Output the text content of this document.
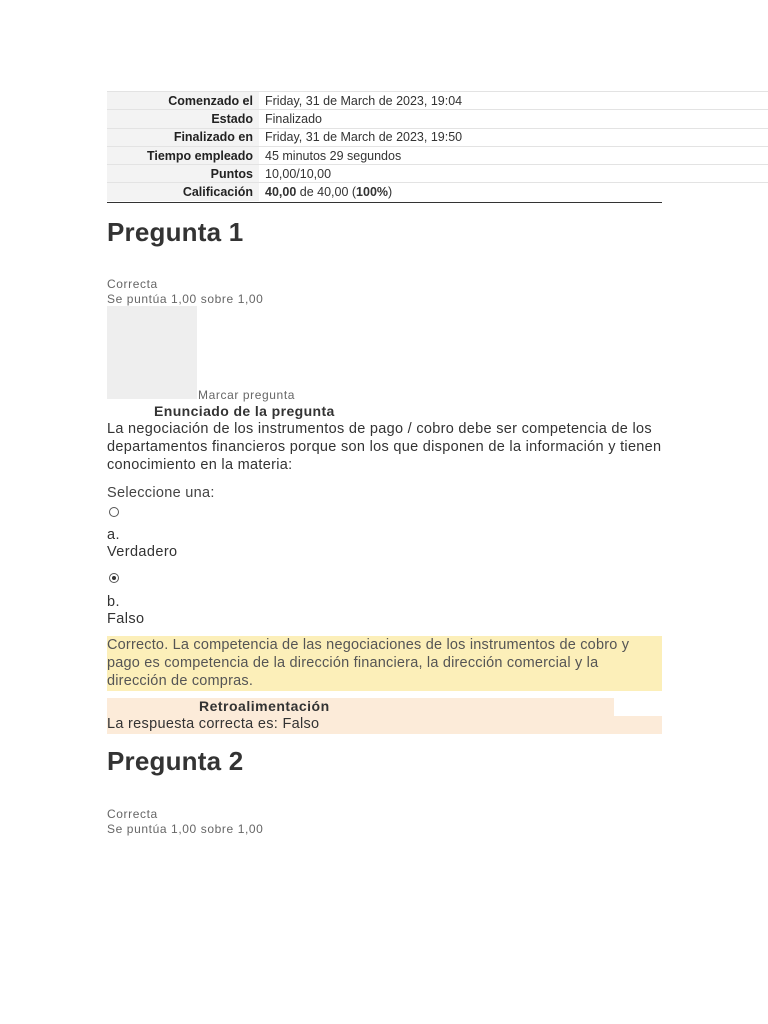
Comenzado el	Friday, 31 de March de 2023, 19:04
Estado	Finalizado
Finalizado en	Friday, 31 de March de 2023, 19:50
Tiempo empleado	45 minutos 29 segundos
Puntos	10,00/10,00
Calificación	40,00 de 40,00 (100%)
Pregunta 1
Correcta
Se puntúa 1,00 sobre 1,00
Marcar pregunta
Enunciado de la pregunta
La negociación de los instrumentos de pago / cobro debe ser competencia de los departamentos financieros porque son los que disponen de la información y tienen conocimiento en la materia:
Seleccione una:
a.
Verdadero
b.
Falso
Correcto. La competencia de las negociaciones de los instrumentos de cobro y pago es competencia de la dirección financiera, la dirección comercial y la dirección de compras.
Retroalimentación
La respuesta correcta es: Falso
Pregunta 2
Correcta
Se puntúa 1,00 sobre 1,00
